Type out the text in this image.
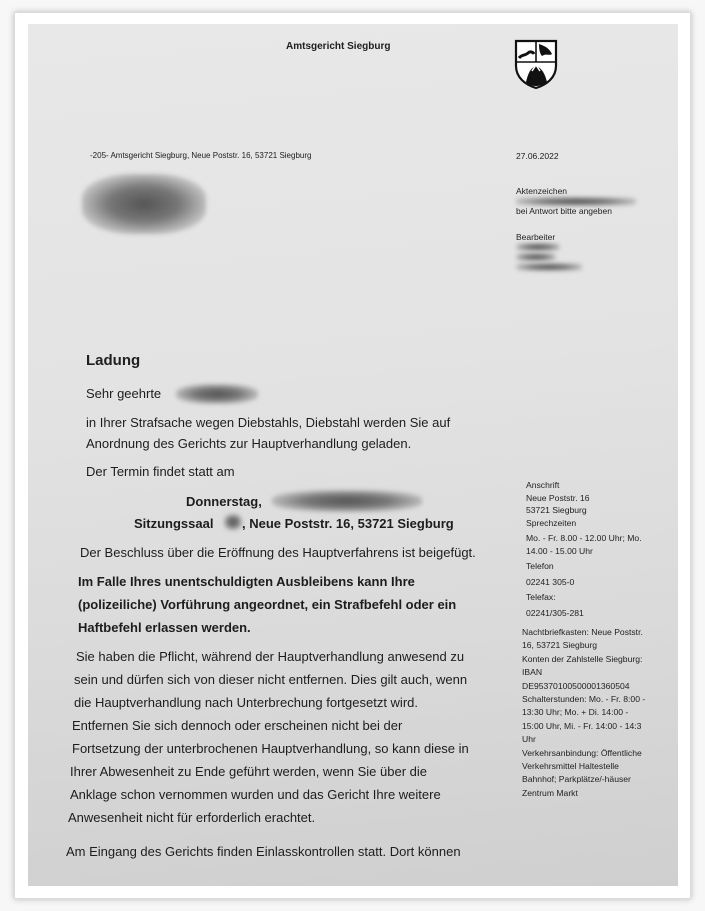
Amtsgericht Siegburg
-205- Amtsgericht Siegburg, Neue Poststr. 16, 53721 Siegburg	27.06.2022
Aktenzeichen
bei Antwort bitte angeben
Bearbeiter
Ladung
Sehr geehrte
in Ihrer Strafsache wegen Diebstahls, Diebstahl werden Sie auf
Anordnung des Gerichts zur Hauptverhandlung geladen.
Der Termin findet statt am
Donnerstag,
Sitzungssaal , Neue Poststr. 16, 53721 Siegburg
Der Beschluss über die Eröffnung des Hauptverfahrens ist beigefügt.
Im Falle Ihres unentschuldigten Ausbleibens kann Ihre
(polizeiliche) Vorführung angeordnet, ein Strafbefehl oder ein
Haftbefehl erlassen werden.
Sie haben die Pflicht, während der Hauptverhandlung anwesend zu
sein und dürfen sich von dieser nicht entfernen. Dies gilt auch, wenn
die Hauptverhandlung nach Unterbrechung fortgesetzt wird.
Entfernen Sie sich dennoch oder erscheinen nicht bei der
Fortsetzung der unterbrochenen Hauptverhandlung, so kann diese in
Ihrer Abwesenheit zu Ende geführt werden, wenn Sie über die
Anklage schon vernommen wurden und das Gericht Ihre weitere
Anwesenheit nicht für erforderlich erachtet.
Am Eingang des Gerichts finden Einlasskontrollen statt. Dort können
Anschrift
Neue Poststr. 16
53721 Siegburg
Sprechzeiten
Mo. - Fr. 8.00 - 12.00 Uhr; Mo.
14.00 - 15.00 Uhr
Telefon
02241 305-0
Telefax:
02241/305-281
Nachtbriefkasten: Neue Poststr.
16, 53721 Siegburg
Konten der Zahlstelle Siegburg:
IBAN
DE95370100500001360504
Schalterstunden: Mo. - Fr. 8:00 -
13:30 Uhr; Mo. + Di. 14:00 -
15:00 Uhr, Mi. - Fr. 14:00 - 14:3
Uhr
Verkehrsanbindung: Öffentliche
Verkehrsmittel Haltestelle
Bahnhof; Parkplätze/-häuser
Zentrum Markt
